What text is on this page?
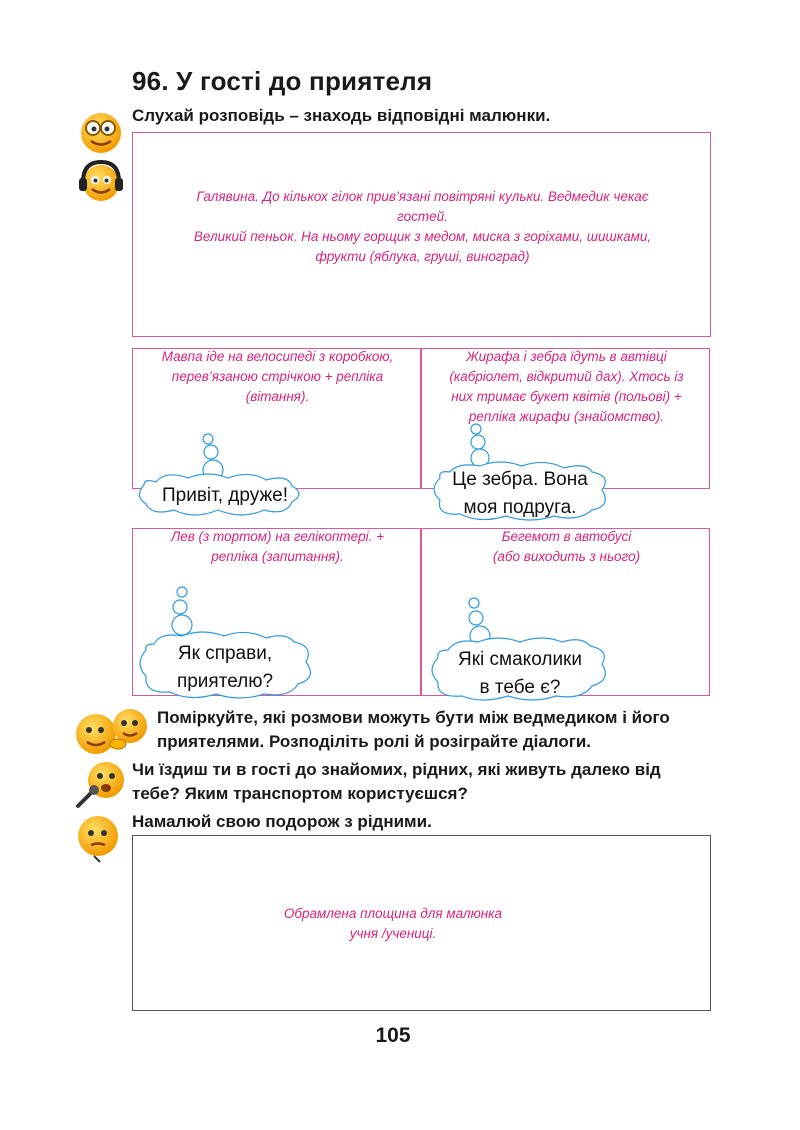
96. У гості до приятеля
Слухай розповідь – знаходь відповідні малюнки.
Галявина. До кількох гілок прив’язані повітряні кульки. Ведмедик чекає
гостей.
Великий пеньок. На ньому горщик з медом, миска з горіхами, шишками,
фрукти (яблука, груші, виноград)
Мавпа іде на велосипеді з коробкою,
перев’язаною стрічкою + репліка
(вітання).
Жирафа і зебра їдуть в автівці
(кабріолет, відкритий дах). Хтось із
них тримає букет квітів (польові) +
репліка жирафи (знайомство).
Лев (з тортом) на гелікоптері. +
репліка (запитання).
Бегемот в автобусі
(або виходить з нього)
Привіт, друже!
Це зебра. Вона
моя подруга.
Як справи,
приятелю?
Які смаколики
в тебе є?
Поміркуйте, які розмови можуть бути між ведмедиком і його
приятелями. Розподіліть ролі й розіграйте діалоги.
Чи їздиш ти в гості до знайомих, рідних, які живуть далеко від
тебе? Яким транспортом користуєшся?
Намалюй свою подорож з рідними.
Обрамлена площина для малюнка
учня /учениці.
105
